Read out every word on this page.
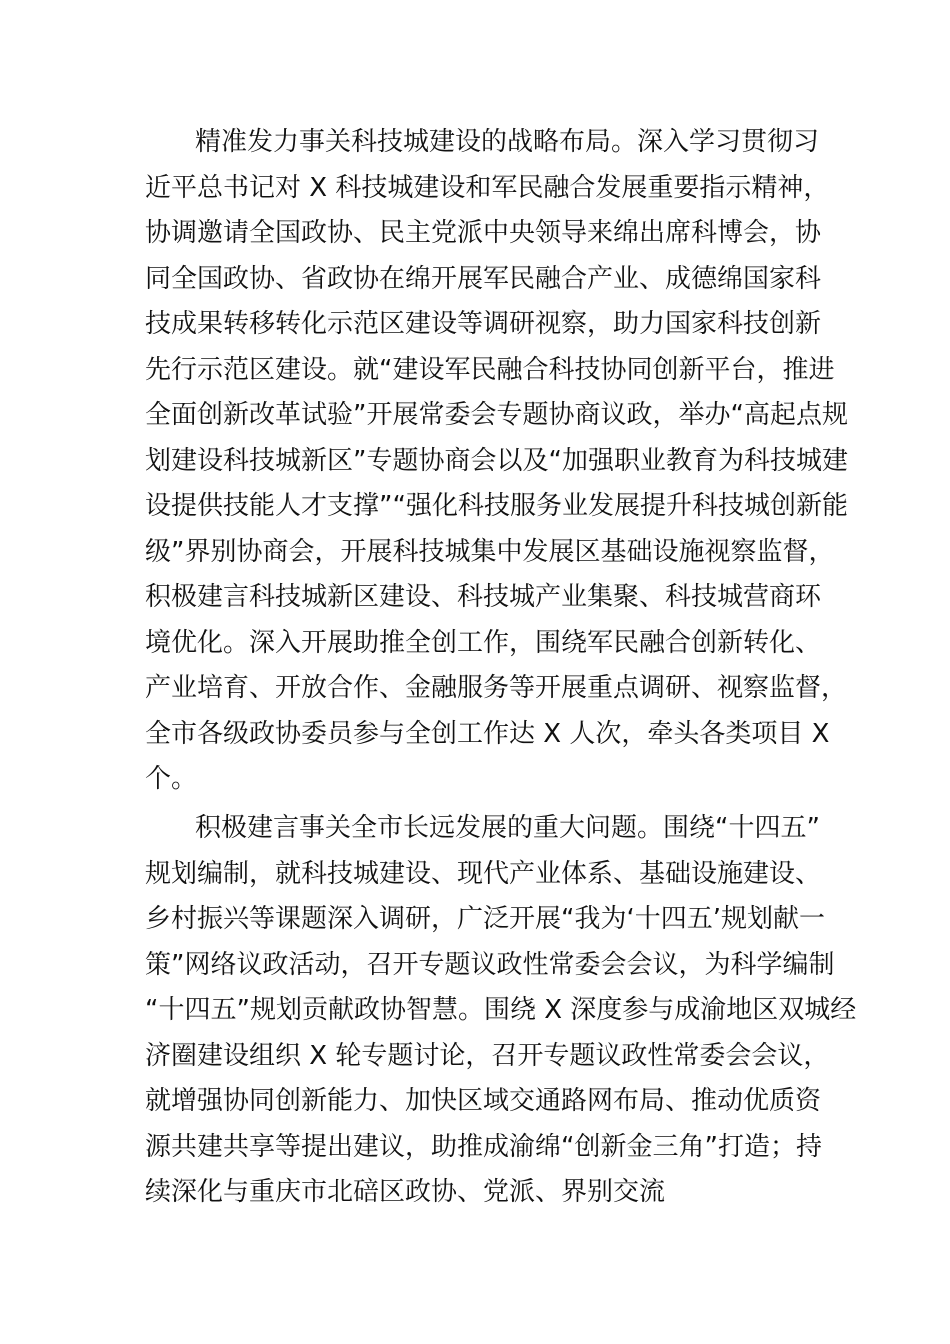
精准发力事关科技城建设的战略布局。深入学习贯彻习
近平总书记对 X 科技城建设和军民融合发展重要指示精神，
协调邀请全国政协、民主党派中央领导来绵出席科博会，协
同全国政协、省政协在绵开展军民融合产业、成德绵国家科
技成果转移转化示范区建设等调研视察，助力国家科技创新
先行示范区建设。就“建设军民融合科技协同创新平台，推进
全面创新改革试验”开展常委会专题协商议政，举办“高起点规
划建设科技城新区”专题协商会以及“加强职业教育为科技城建
设提供技能人才支撑”“强化科技服务业发展提升科技城创新能
级”界别协商会，开展科技城集中发展区基础设施视察监督，
积极建言科技城新区建设、科技城产业集聚、科技城营商环
境优化。深入开展助推全创工作，围绕军民融合创新转化、
产业培育、开放合作、金融服务等开展重点调研、视察监督，
全市各级政协委员参与全创工作达 X 人次，牵头各类项目 X
个。
积极建言事关全市长远发展的重大问题。围绕“十四五”
规划编制，就科技城建设、现代产业体系、基础设施建设、
乡村振兴等课题深入调研，广泛开展“我为‘十四五’规划献一
策”网络议政活动，召开专题议政性常委会会议，为科学编制
“十四五”规划贡献政协智慧。围绕 X 深度参与成渝地区双城经
济圈建设组织 X 轮专题讨论，召开专题议政性常委会会议，
就增强协同创新能力、加快区域交通路网布局、推动优质资
源共建共享等提出建议，助推成渝绵“创新金三角”打造；持
续深化与重庆市北碚区政协、党派、界别交流
